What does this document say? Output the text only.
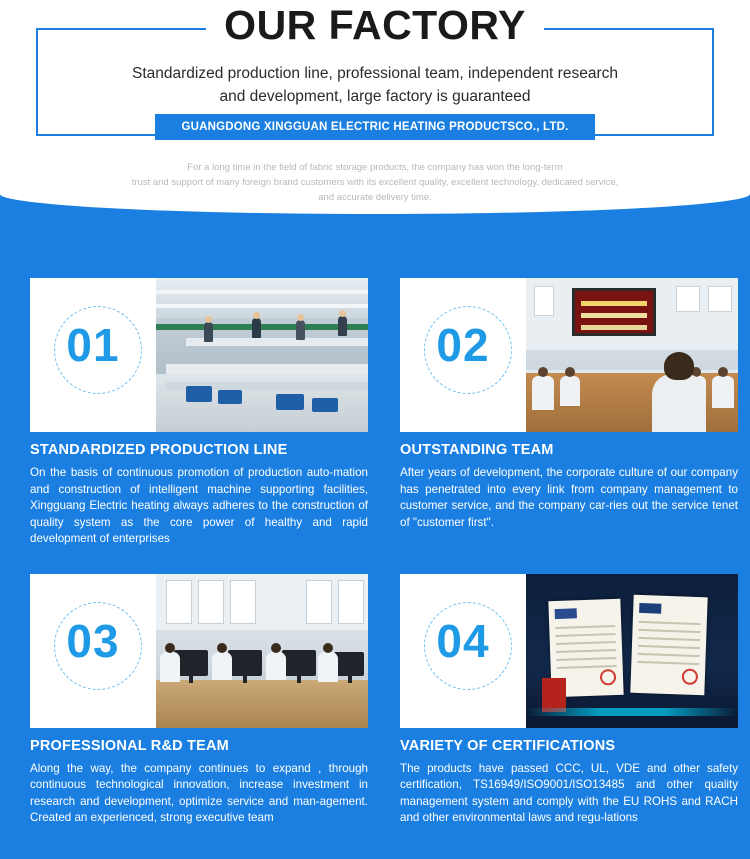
OUR FACTORY
Standardized production line, professional team, independent research
and development, large factory is guaranteed
GUANGDONG XINGGUAN ELECTRIC HEATING PRODUCTSCO., LTD.
For a long time in the field of fabric storage products, the company has won the long-term
trust and support of many foreign brand customers with its excellent quality, excellent technology, dedicated service,
and accurate delivery time.
01
STANDARDIZED PRODUCTION LINE
On the basis of continuous promotion of production auto-mation and construction of intelligent machine supporting facilities, Xingguang Electric heating always adheres to the construction of quality system as the core power of healthy and rapid development of enterprises
02
OUTSTANDING TEAM
After years of development, the corporate culture of our company has penetrated into every link from company management to customer service, and the company car-ries out the service tenet of "customer first".
03
PROFESSIONAL R&D TEAM
Along the way, the company continues to expand , through continuous technological innovation, increase investment in research and development, optimize service and man-agement. Created an experienced, strong executive team
04
VARIETY OF CERTIFICATIONS
The products have passed CCC, UL, VDE and other safety certification, TS16949/ISO9001/ISO13485 and other quality management system and comply with the EU ROHS and RACH and other environmental laws and regu-lations
